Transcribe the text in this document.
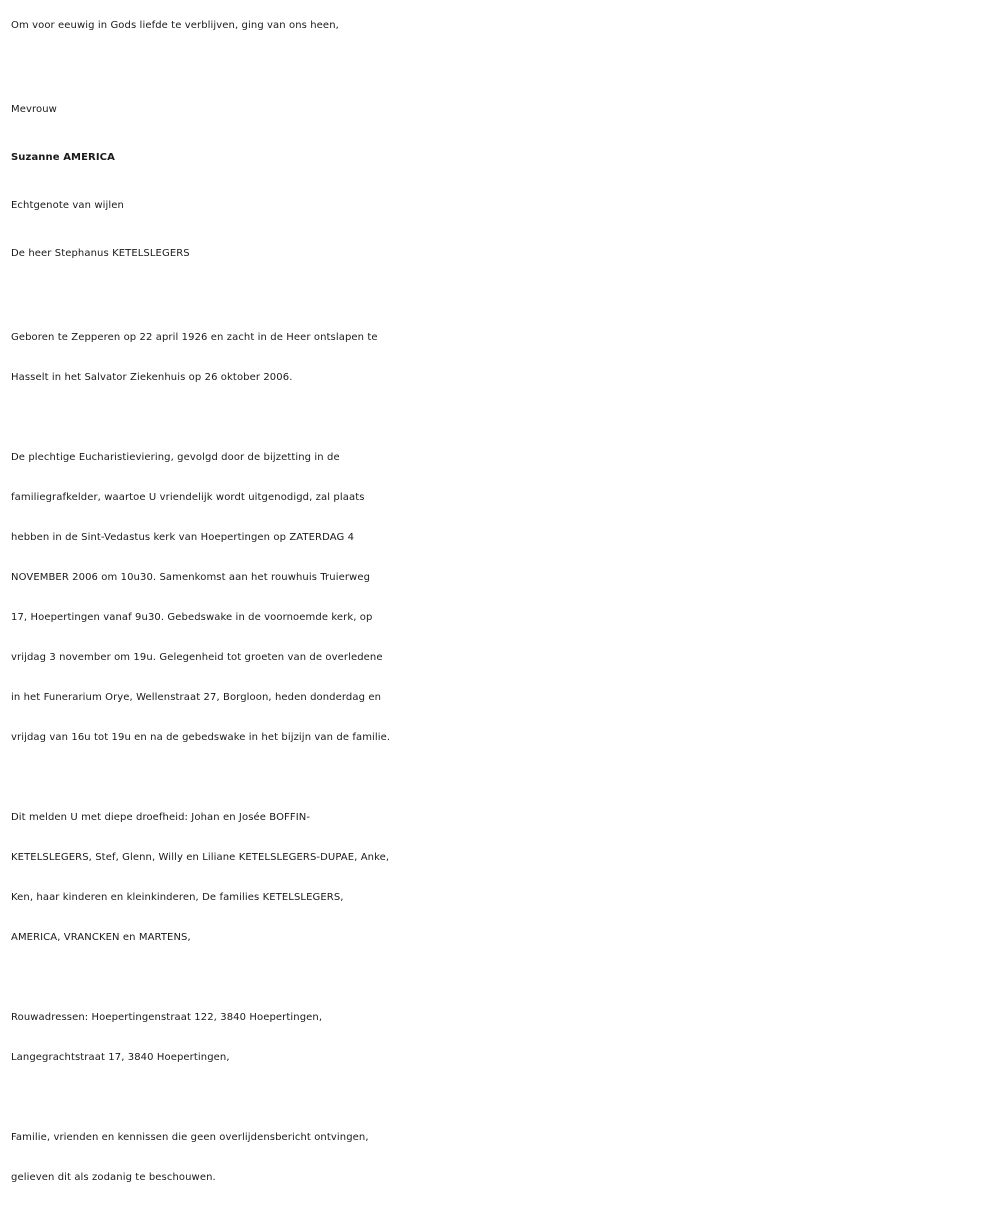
Om voor eeuwig in Gods liefde te verblijven, ging van ons heen,

Mevrouw

Suzanne AMERICA

Echtgenote van wijlen

De heer Stephanus KETELSLEGERS

Geboren te Zepperen op 22 april 1926 en zacht in de Heer ontslapen te

Hasselt in het Salvator Ziekenhuis op 26 oktober 2006.

De plechtige Eucharistieviering, gevolgd door de bijzetting in de

familiegrafkelder, waartoe U vriendelijk wordt uitgenodigd, zal plaats

hebben in de Sint-Vedastus kerk van Hoepertingen op ZATERDAG 4

NOVEMBER 2006 om 10u30. Samenkomst aan het rouwhuis Truierweg

17, Hoepertingen vanaf 9u30. Gebedswake in de voornoemde kerk, op

vrijdag 3 november om 19u. Gelegenheid tot groeten van de overledene

in het Funerarium Orye, Wellenstraat 27, Borgloon, heden donderdag en

vrijdag van 16u tot 19u en na de gebedswake in het bijzijn van de familie.

Dit melden U met diepe droefheid: Johan en Josée BOFFIN-

KETELSLEGERS, Stef, Glenn, Willy en Liliane KETELSLEGERS-DUPAE, Anke,

Ken, haar kinderen en kleinkinderen, De families KETELSLEGERS,

AMERICA, VRANCKEN en MARTENS,

Rouwadressen: Hoepertingenstraat 122, 3840 Hoepertingen,

Langegrachtstraat 17, 3840 Hoepertingen,

Familie, vrienden en kennissen die geen overlijdensbericht ontvingen,

gelieven dit als zodanig te beschouwen.
